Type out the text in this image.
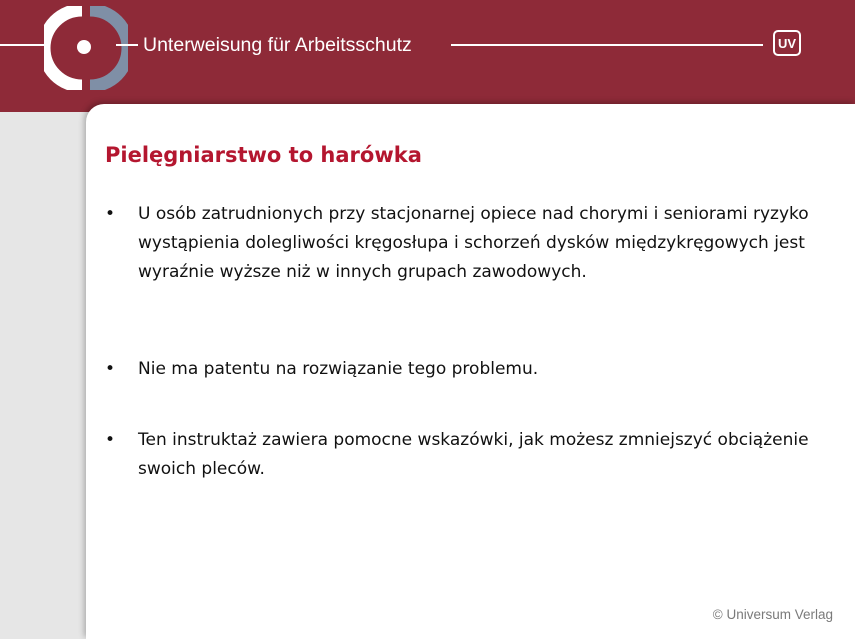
Unterweisung für Arbeitsschutz	UV
Pielęgniarstwo to harówka
• U osób zatrudnionych przy stacjonarnej opiece nad chorymi i seniorami ryzyko wystąpienia dolegliwości kręgosłupa i schorzeń dysków międzykręgowych jest wyraźnie wyższe niż w innych grupach zawodowych.
• Nie ma patentu na rozwiązanie tego problemu.
• Ten instruktaż zawiera pomocne wskazówki, jak możesz zmniejszyć obciążenie swoich pleców.
© Universum Verlag
